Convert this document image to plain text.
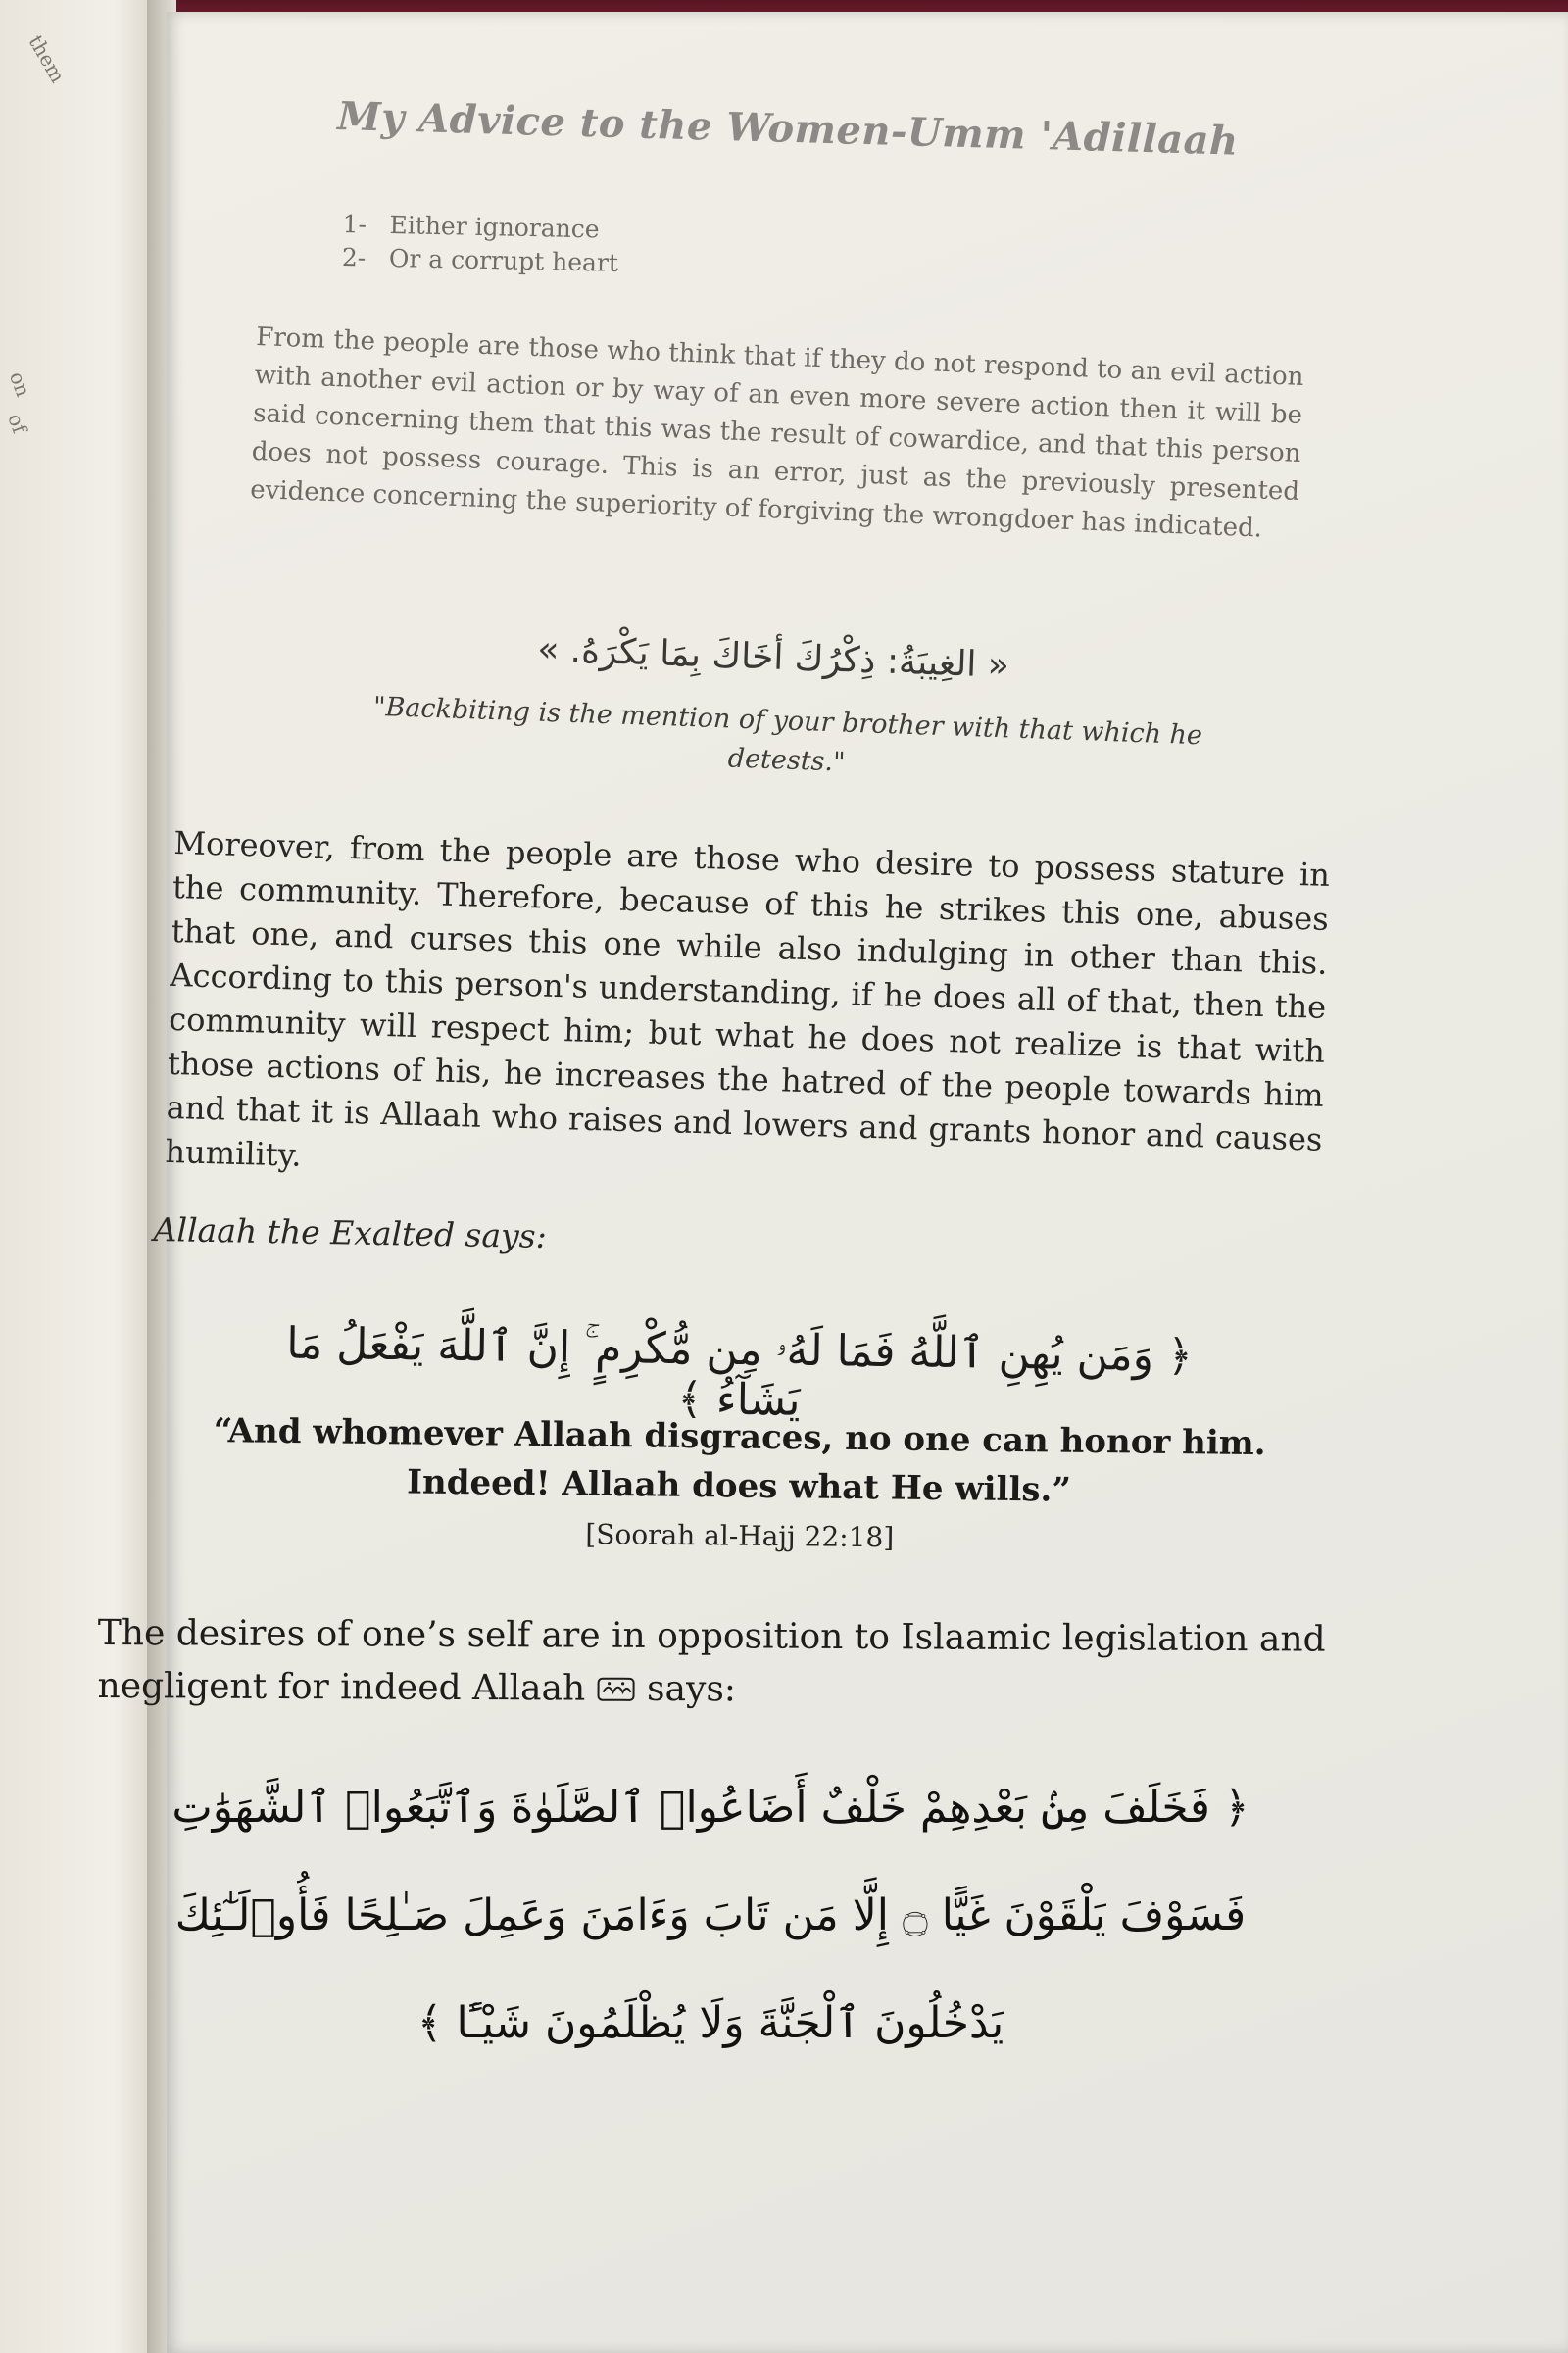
them
on
of
My Advice to the Women-Umm 'Adillaah
1- Either ignorance
2- Or a corrupt heart

From the people are those who think that if they do not respond to an evil action with another evil action or by way of an even more severe action then it will be said concerning them that this was the result of cowardice, and that this person does not possess courage. This is an error, just as the previously presented evidence concerning the superiority of forgiving the wrongdoer has indicated.

« الغِيبَةُ: ذِكْرُكَ أخَاكَ بِمَا يَكْرَهُ. »

"Backbiting is the mention of your brother with that which he detests."

Moreover, from the people are those who desire to possess stature in the community. Therefore, because of this he strikes this one, abuses that one, and curses this one while also indulging in other than this. According to this person's understanding, if he does all of that, then the community will respect him; but what he does not realize is that with those actions of his, he increases the hatred of the people towards him and that it is Allaah who raises and lowers and grants honor and causes humility.

Allaah the Exalted says:

﴿ وَمَن يُهِنِ ٱللَّهُ فَمَا لَهُۥ مِن مُّكْرِمٍ ۚ إِنَّ ٱللَّهَ يَفْعَلُ مَا يَشَآءُ ﴾

“And whomever Allaah disgraces, no one can honor him. Indeed! Allaah does what He wills.”

[Soorah al-Hajj 22:18]

The desires of one’s self are in opposition to Islaamic legislation and negligent for indeed Allaah says:

﴿ فَخَلَفَ مِنۢ بَعْدِهِمْ خَلْفٌ أَضَاعُوا۟ ٱلصَّلَوٰةَ وَٱتَّبَعُوا۟ ٱلشَّهَوَٰتِ
فَسَوْفَ يَلْقَوْنَ غَيًّا ۝ إِلَّا مَن تَابَ وَءَامَنَ وَعَمِلَ صَـٰلِحًا فَأُو۟لَـٰٓئِكَ
يَدْخُلُونَ ٱلْجَنَّةَ وَلَا يُظْلَمُونَ شَيْـًٔا ﴾
